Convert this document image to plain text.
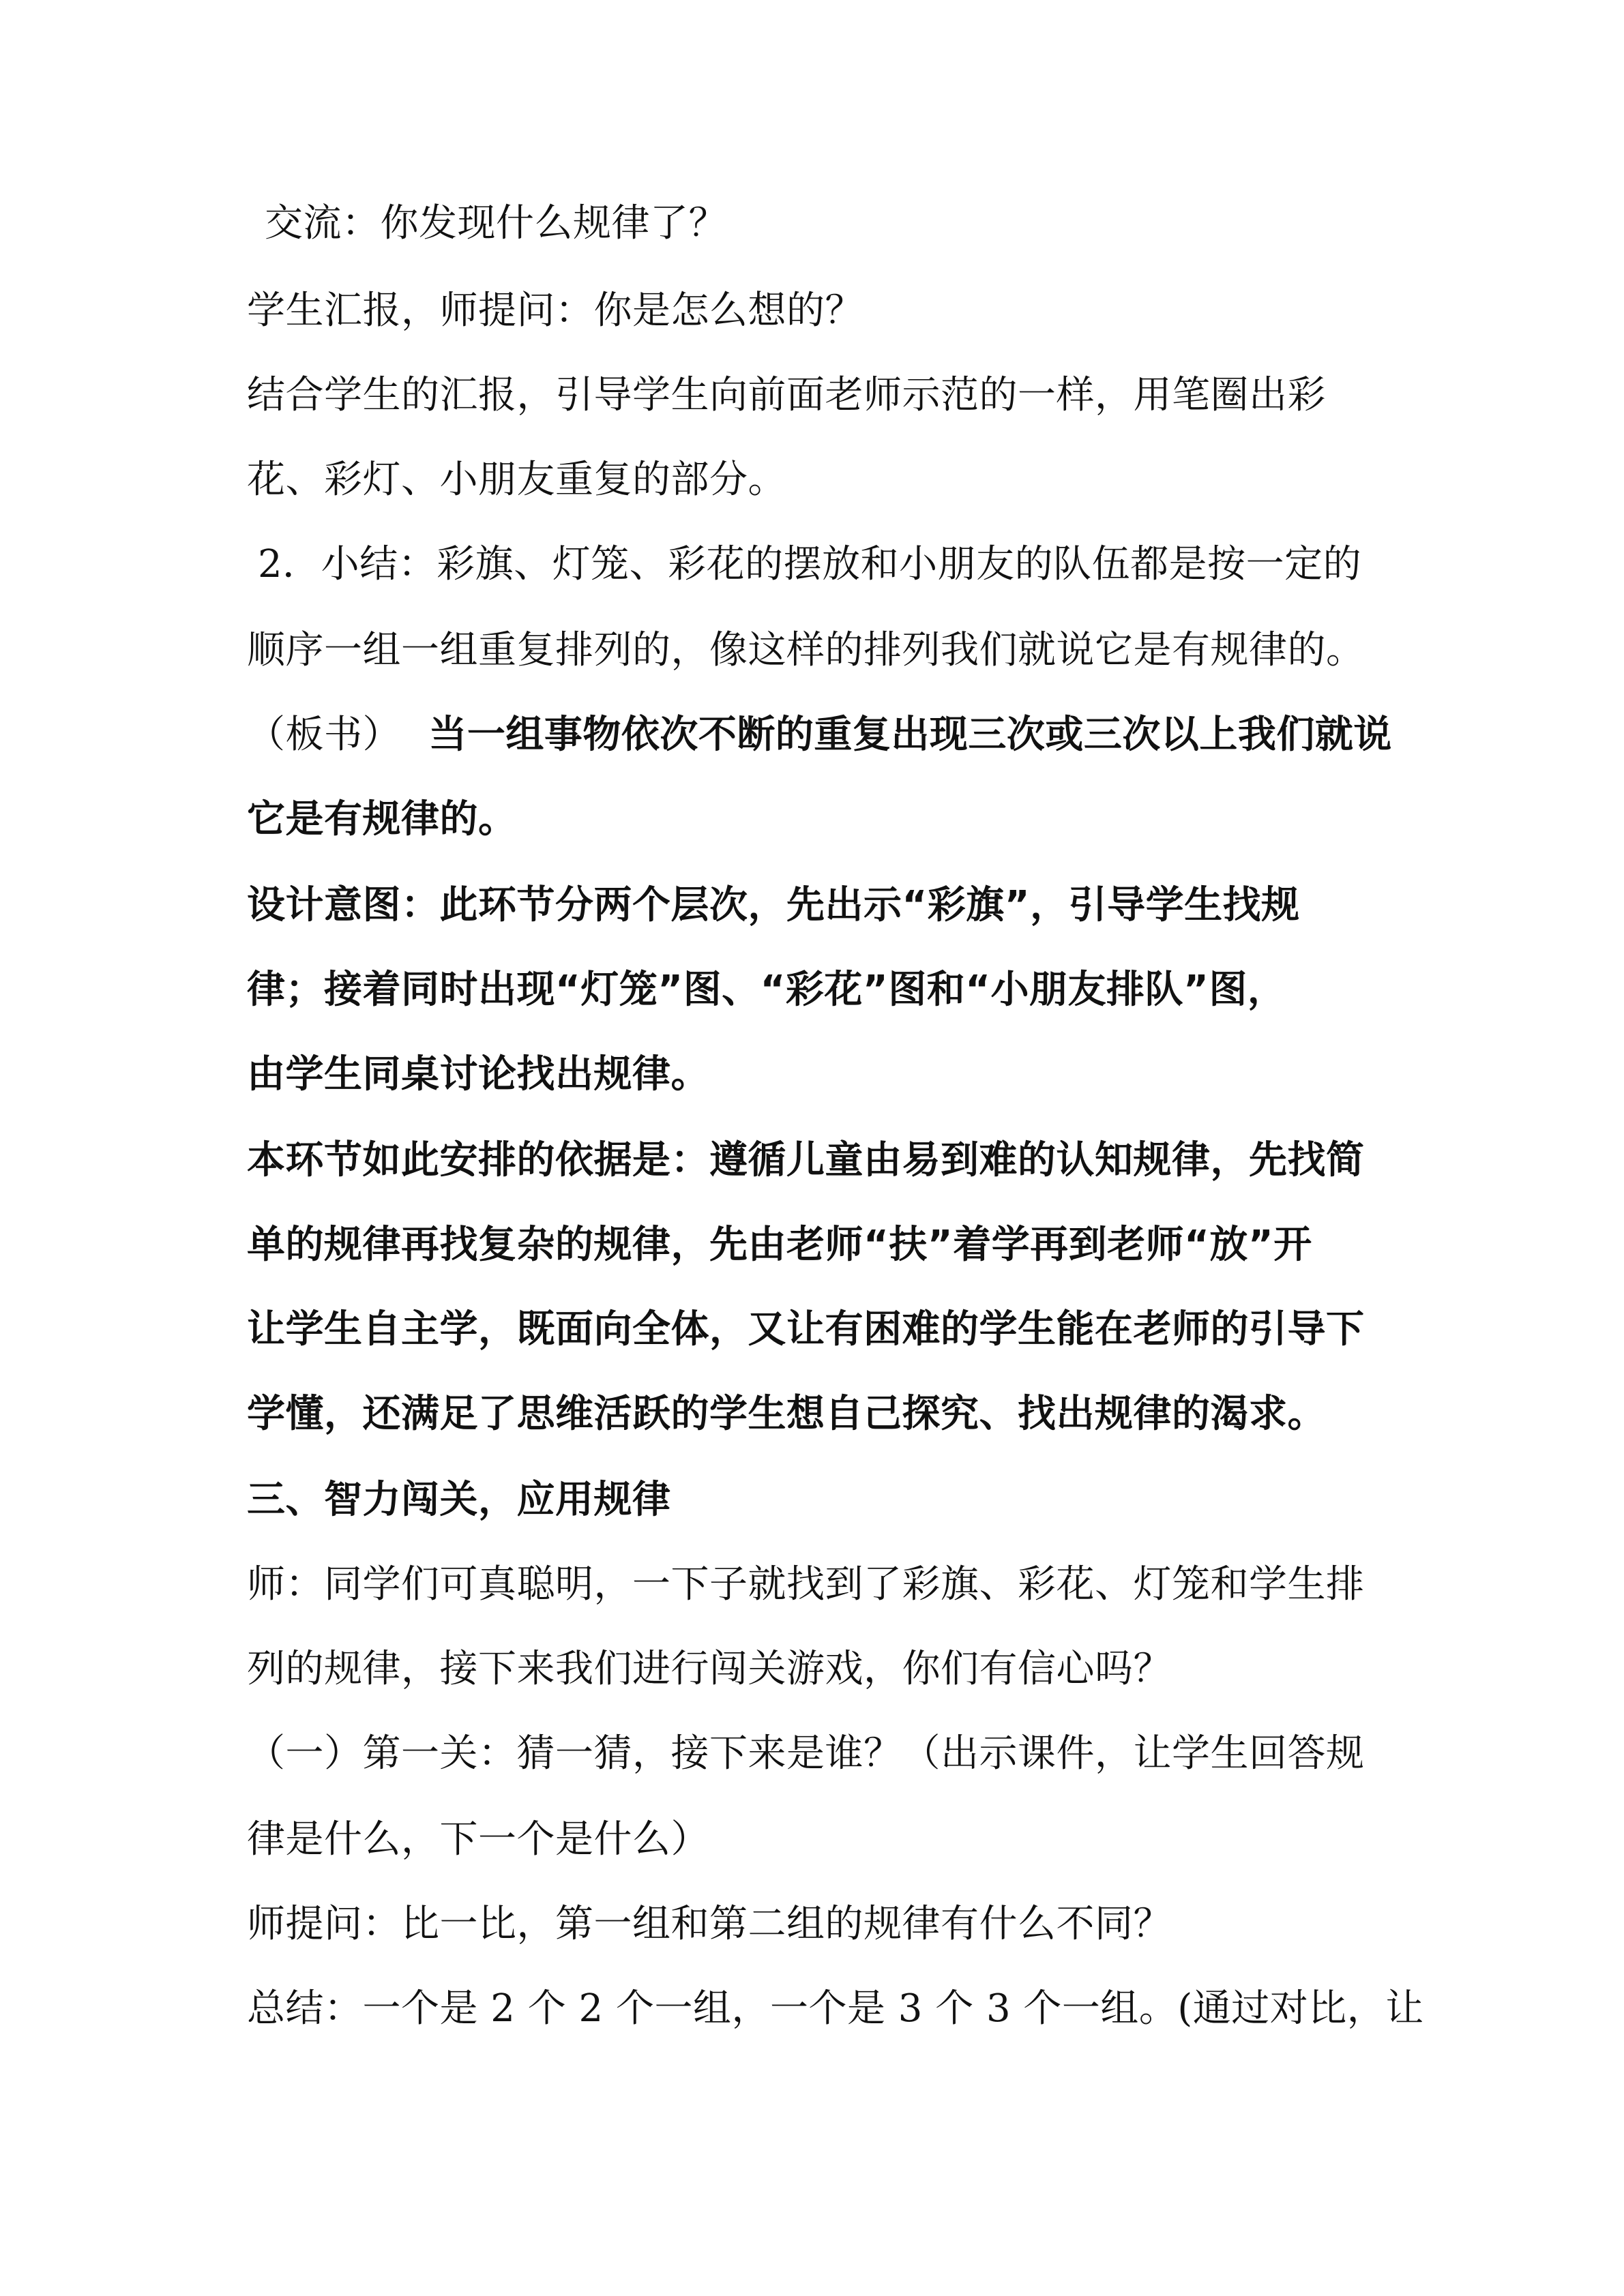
交流：你发现什么规律了？
学生汇报，师提问：你是怎么想的？
结合学生的汇报，引导学生向前面老师示范的一样，用笔圈出彩
花、彩灯、小朋友重复的部分。
2．小结：彩旗、灯笼、彩花的摆放和小朋友的队伍都是按一定的
顺序一组一组重复排列的，像这样的排列我们就说它是有规律的。
（板书） 当一组事物依次不断的重复出现三次或三次以上我们就说
它是有规律的。
设计意图：此环节分两个层次，先出示“彩旗”，引导学生找规
律；接着同时出现“灯笼”图、“彩花”图和“小朋友排队”图，
由学生同桌讨论找出规律。
本环节如此安排的依据是：遵循儿童由易到难的认知规律，先找简
单的规律再找复杂的规律，先由老师“扶”着学再到老师“放”开
让学生自主学，既面向全体，又让有困难的学生能在老师的引导下
学懂，还满足了思维活跃的学生想自己探究、找出规律的渴求。
三、智力闯关，应用规律
师：同学们可真聪明，一下子就找到了彩旗、彩花、灯笼和学生排
列的规律，接下来我们进行闯关游戏，你们有信心吗？
（一）第一关：猜一猜，接下来是谁？（出示课件，让学生回答规
律是什么，下一个是什么）
师提问：比一比，第一组和第二组的规律有什么不同？
总结：一个是 2 个 2 个一组，一个是 3 个 3 个一组。(通过对比，让
